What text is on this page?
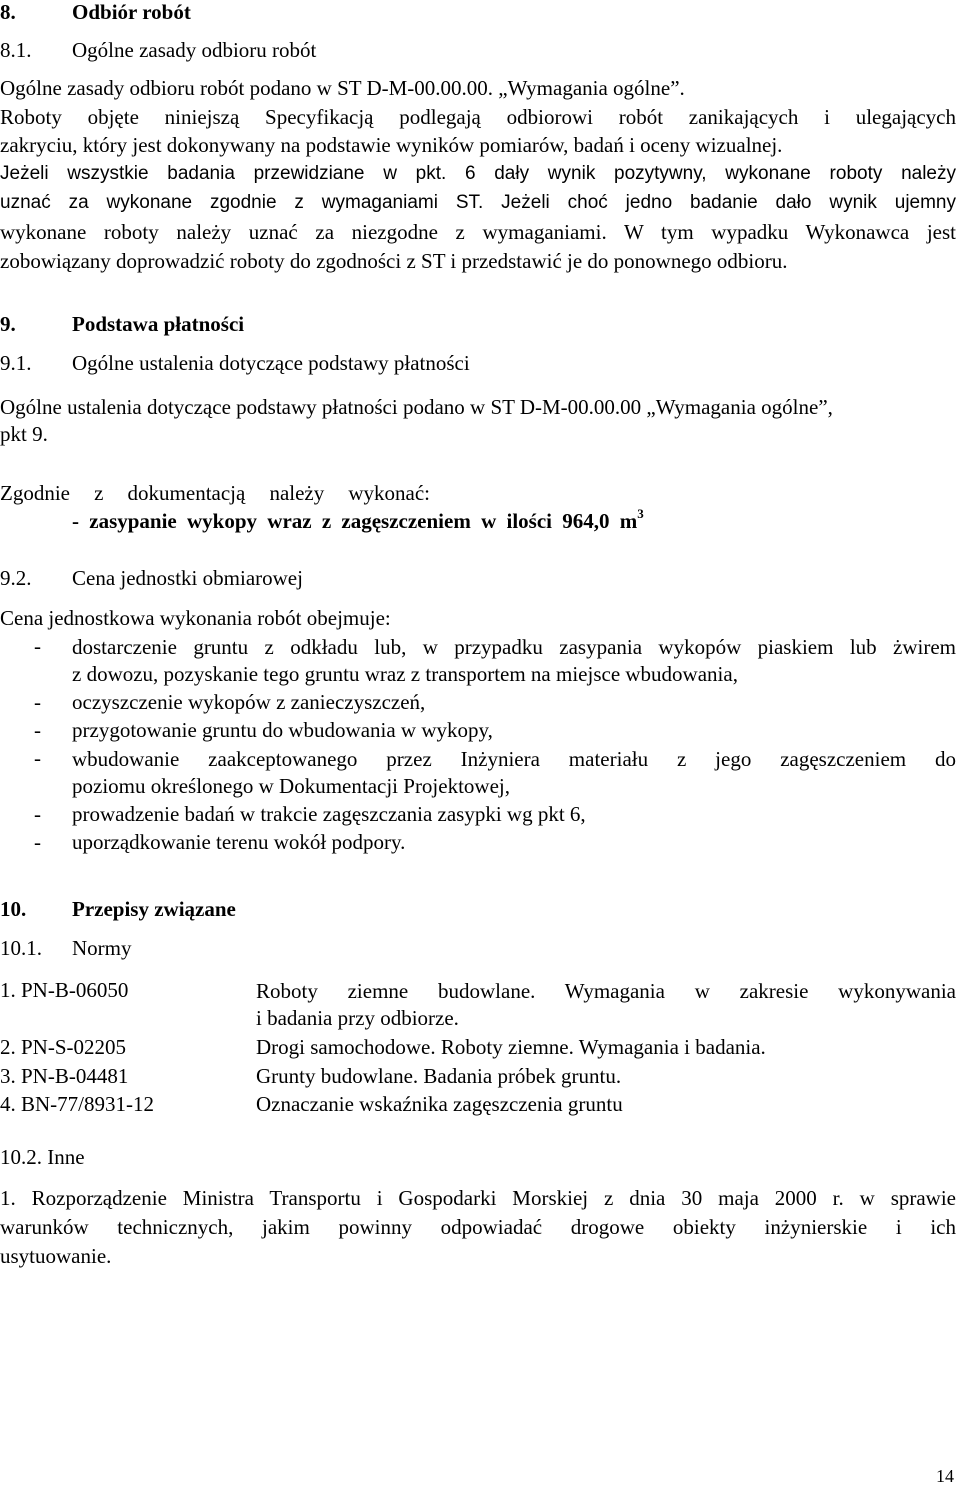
8.	Odbiór robót
8.1. Ogólne zasady odbioru robót
Ogólne zasady odbioru robót podano w ST D-M-00.00.00. „Wymagania ogólne”.
Roboty objęte niniejszą Specyfikacją podlegają odbiorowi robót zanikających i ulegających
zakryciu, który jest dokonywany na podstawie wyników pomiarów, badań i oceny wizualnej.
Jeżeli wszystkie badania przewidziane w pkt. 6 dały wynik pozytywny, wykonane roboty należy
uznać za wykonane zgodnie z wymaganiami ST. Jeżeli choć jedno badanie dało wynik ujemny
wykonane roboty należy uznać za niezgodne z wymaganiami. W tym wypadku Wykonawca jest
zobowiązany doprowadzić roboty do zgodności z ST i przedstawić je do ponownego odbioru.
9.	Podstawa płatności
9.1. Ogólne ustalenia dotyczące podstawy płatności
Ogólne ustalenia dotyczące podstawy płatności podano w ST D-M-00.00.00 „Wymagania ogólne”,
pkt 9.
Zgodnie z dokumentacją należy wykonać:
- zasypanie wykopy wraz z zagęszczeniem w ilości 964,0 $m^3$
9.2. Cena jednostki obmiarowej
Cena jednostkowa wykonania robót obejmuje:
- dostarczenie gruntu z odkładu lub, w przypadku zasypania wykopów piaskiem lub żwirem
z dowozu, pozyskanie tego gruntu wraz z transportem na miejsce wbudowania,
- oczyszczenie wykopów z zanieczyszczeń,
- przygotowanie gruntu do wbudowania w wykopy,
- wbudowanie zaakceptowanego przez Inżyniera materiału z jego zagęszczeniem do
poziomu określonego w Dokumentacji Projektowej,
- prowadzenie badań w trakcie zagęszczania zasypki wg pkt 6,
- uporządkowanie terenu wokół podpory.
10. Przepisy związane
10.1. Normy
1. PN-B-06050	Roboty ziemne budowlane. Wymagania w zakresie wykonywania
i badania przy odbiorze.
2. PN-S-02205	Drogi samochodowe. Roboty ziemne. Wymagania i badania.
3. PN-B-04481	Grunty budowlane. Badania próbek gruntu.
4. BN-77/8931-12	Oznaczanie wskaźnika zagęszczenia gruntu
10.2. Inne
1. Rozporządzenie Ministra Transportu i Gospodarki Morskiej z dnia 30 maja 2000 r. w sprawie
warunków technicznych, jakim powinny odpowiadać drogowe obiekty inżynierskie i ich
usytuowanie.
14
